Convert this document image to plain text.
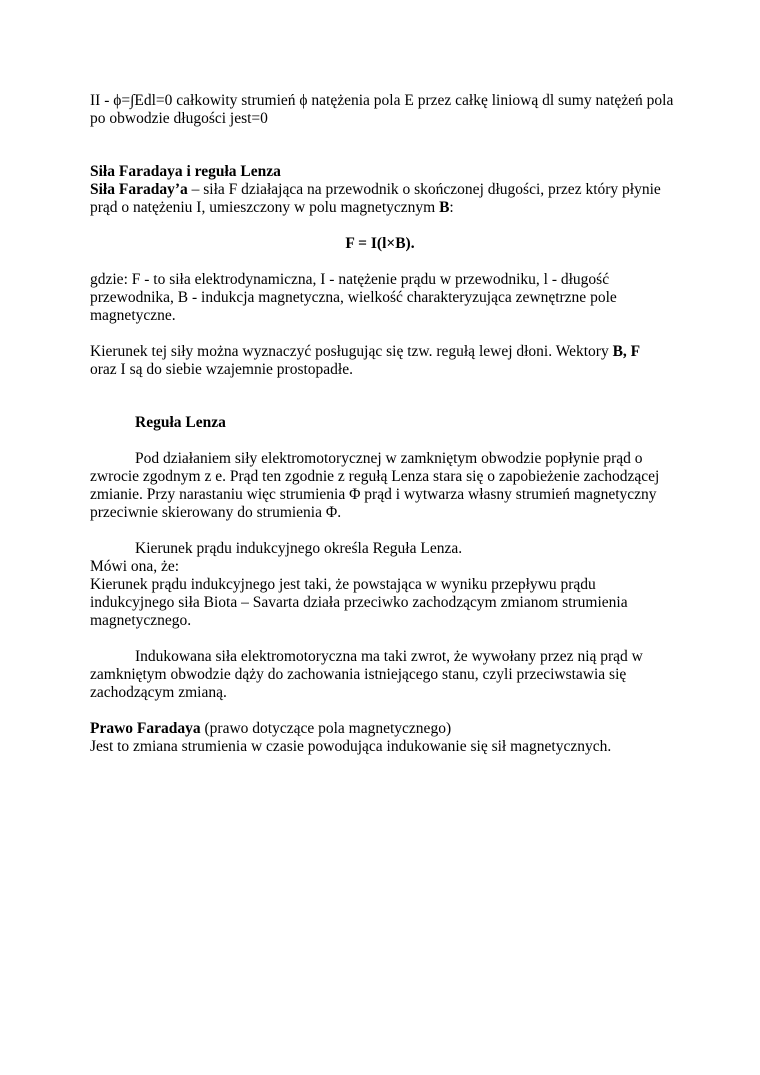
II - ϕ=∫Edl=0 całkowity strumień ϕ natężenia pola E przez całkę liniową dl sumy natężeń pola
po obwodzie długości jest=0
Siła Faradaya i reguła Lenza
Siła Faraday’a – siła F działająca na przewodnik o skończonej długości, przez który płynie
prąd o natężeniu I, umieszczony w polu magnetycznym B:
F = I(l×B).
gdzie: F - to siła elektrodynamiczna, I - natężenie prądu w przewodniku, l - długość
przewodnika, B - indukcja magnetyczna, wielkość charakteryzująca zewnętrzne pole
magnetyczne.
Kierunek tej siły można wyznaczyć posługując się tzw. regułą lewej dłoni. Wektory B, F
oraz I są do siebie wzajemnie prostopadłe.
Reguła Lenza
Pod działaniem siły elektromotorycznej w zamkniętym obwodzie popłynie prąd o
zwrocie zgodnym z e. Prąd ten zgodnie z regułą Lenza stara się o zapobieżenie zachodzącej
zmianie. Przy narastaniu więc strumienia Φ prąd i wytwarza własny strumień magnetyczny
przeciwnie skierowany do strumienia Φ.
Kierunek prądu indukcyjnego określa Reguła Lenza.
Mówi ona, że:
Kierunek prądu indukcyjnego jest taki, że powstająca w wyniku przepływu prądu
indukcyjnego siła Biota – Savarta działa przeciwko zachodzącym zmianom strumienia
magnetycznego.
Indukowana siła elektromotoryczna ma taki zwrot, że wywołany przez nią prąd w
zamkniętym obwodzie dąży do zachowania istniejącego stanu, czyli przeciwstawia się
zachodzącym zmianą.
Prawo Faradaya (prawo dotyczące pola magnetycznego)
Jest to zmiana strumienia w czasie powodująca indukowanie się sił magnetycznych.
